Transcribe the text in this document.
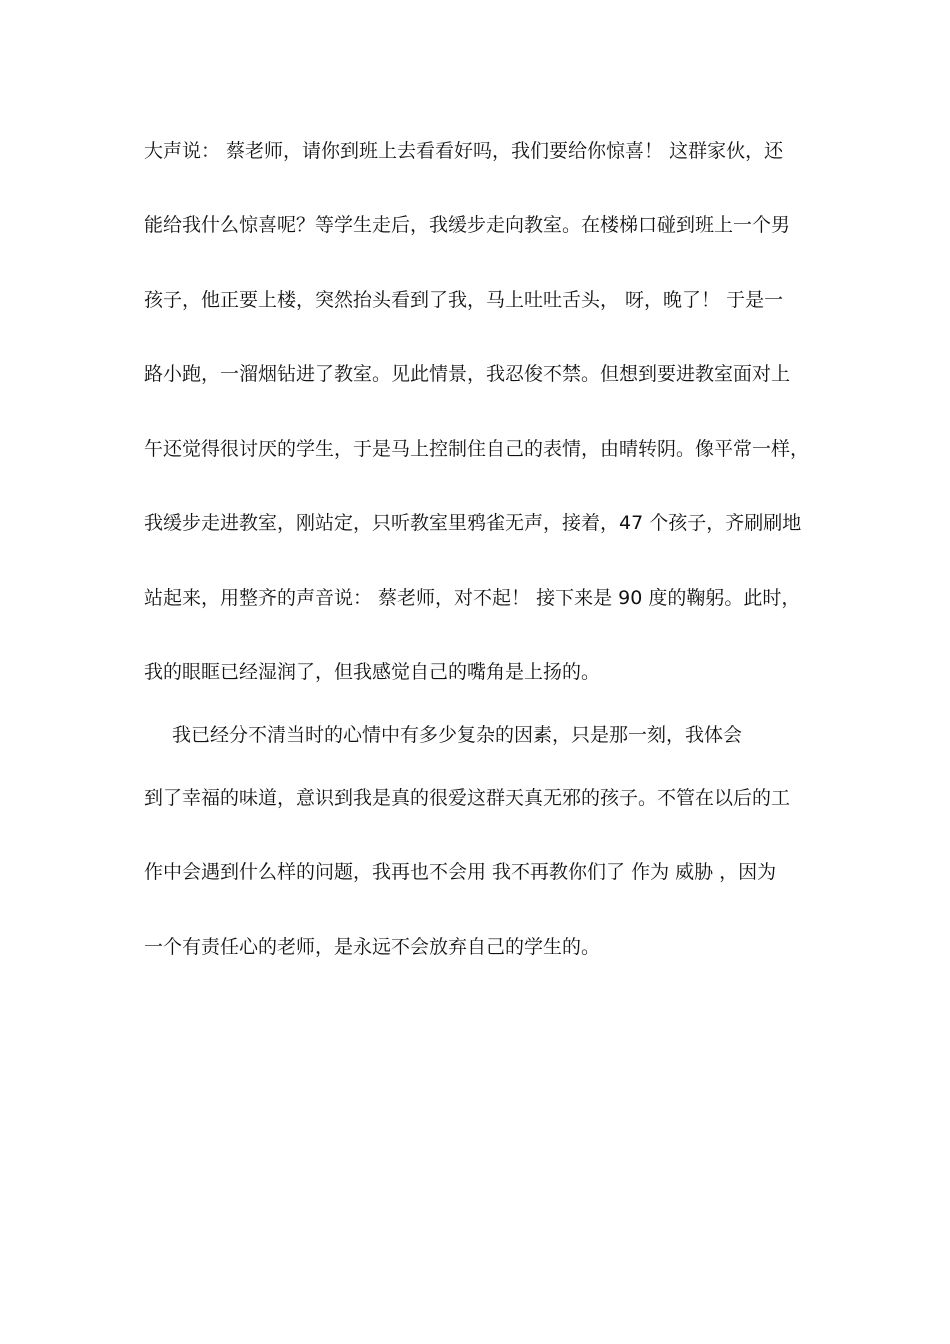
大声说： 蔡老师，请你到班上去看看好吗，我们要给你惊喜！ 这群家伙，还
能给我什么惊喜呢？等学生走后，我缓步走向教室。在楼梯口碰到班上一个男
孩子，他正要上楼，突然抬头看到了我，马上吐吐舌头， 呀，晚了！ 于是一
路小跑，一溜烟钻进了教室。见此情景，我忍俊不禁。但想到要进教室面对上
午还觉得很讨厌的学生，于是马上控制住自己的表情，由晴转阴。像平常一样，
我缓步走进教室，刚站定，只听教室里鸦雀无声，接着，47 个孩子，齐刷刷地
站起来，用整齐的声音说： 蔡老师，对不起！ 接下来是 90 度的鞠躬。此时，
我的眼眶已经湿润了，但我感觉自己的嘴角是上扬的。
我已经分不清当时的心情中有多少复杂的因素，只是那一刻，我体会
到了幸福的味道，意识到我是真的很爱这群天真无邪的孩子。不管在以后的工
作中会遇到什么样的问题，我再也不会用 我不再教你们了 作为 威胁 ，因为
一个有责任心的老师，是永远不会放弃自己的学生的。
